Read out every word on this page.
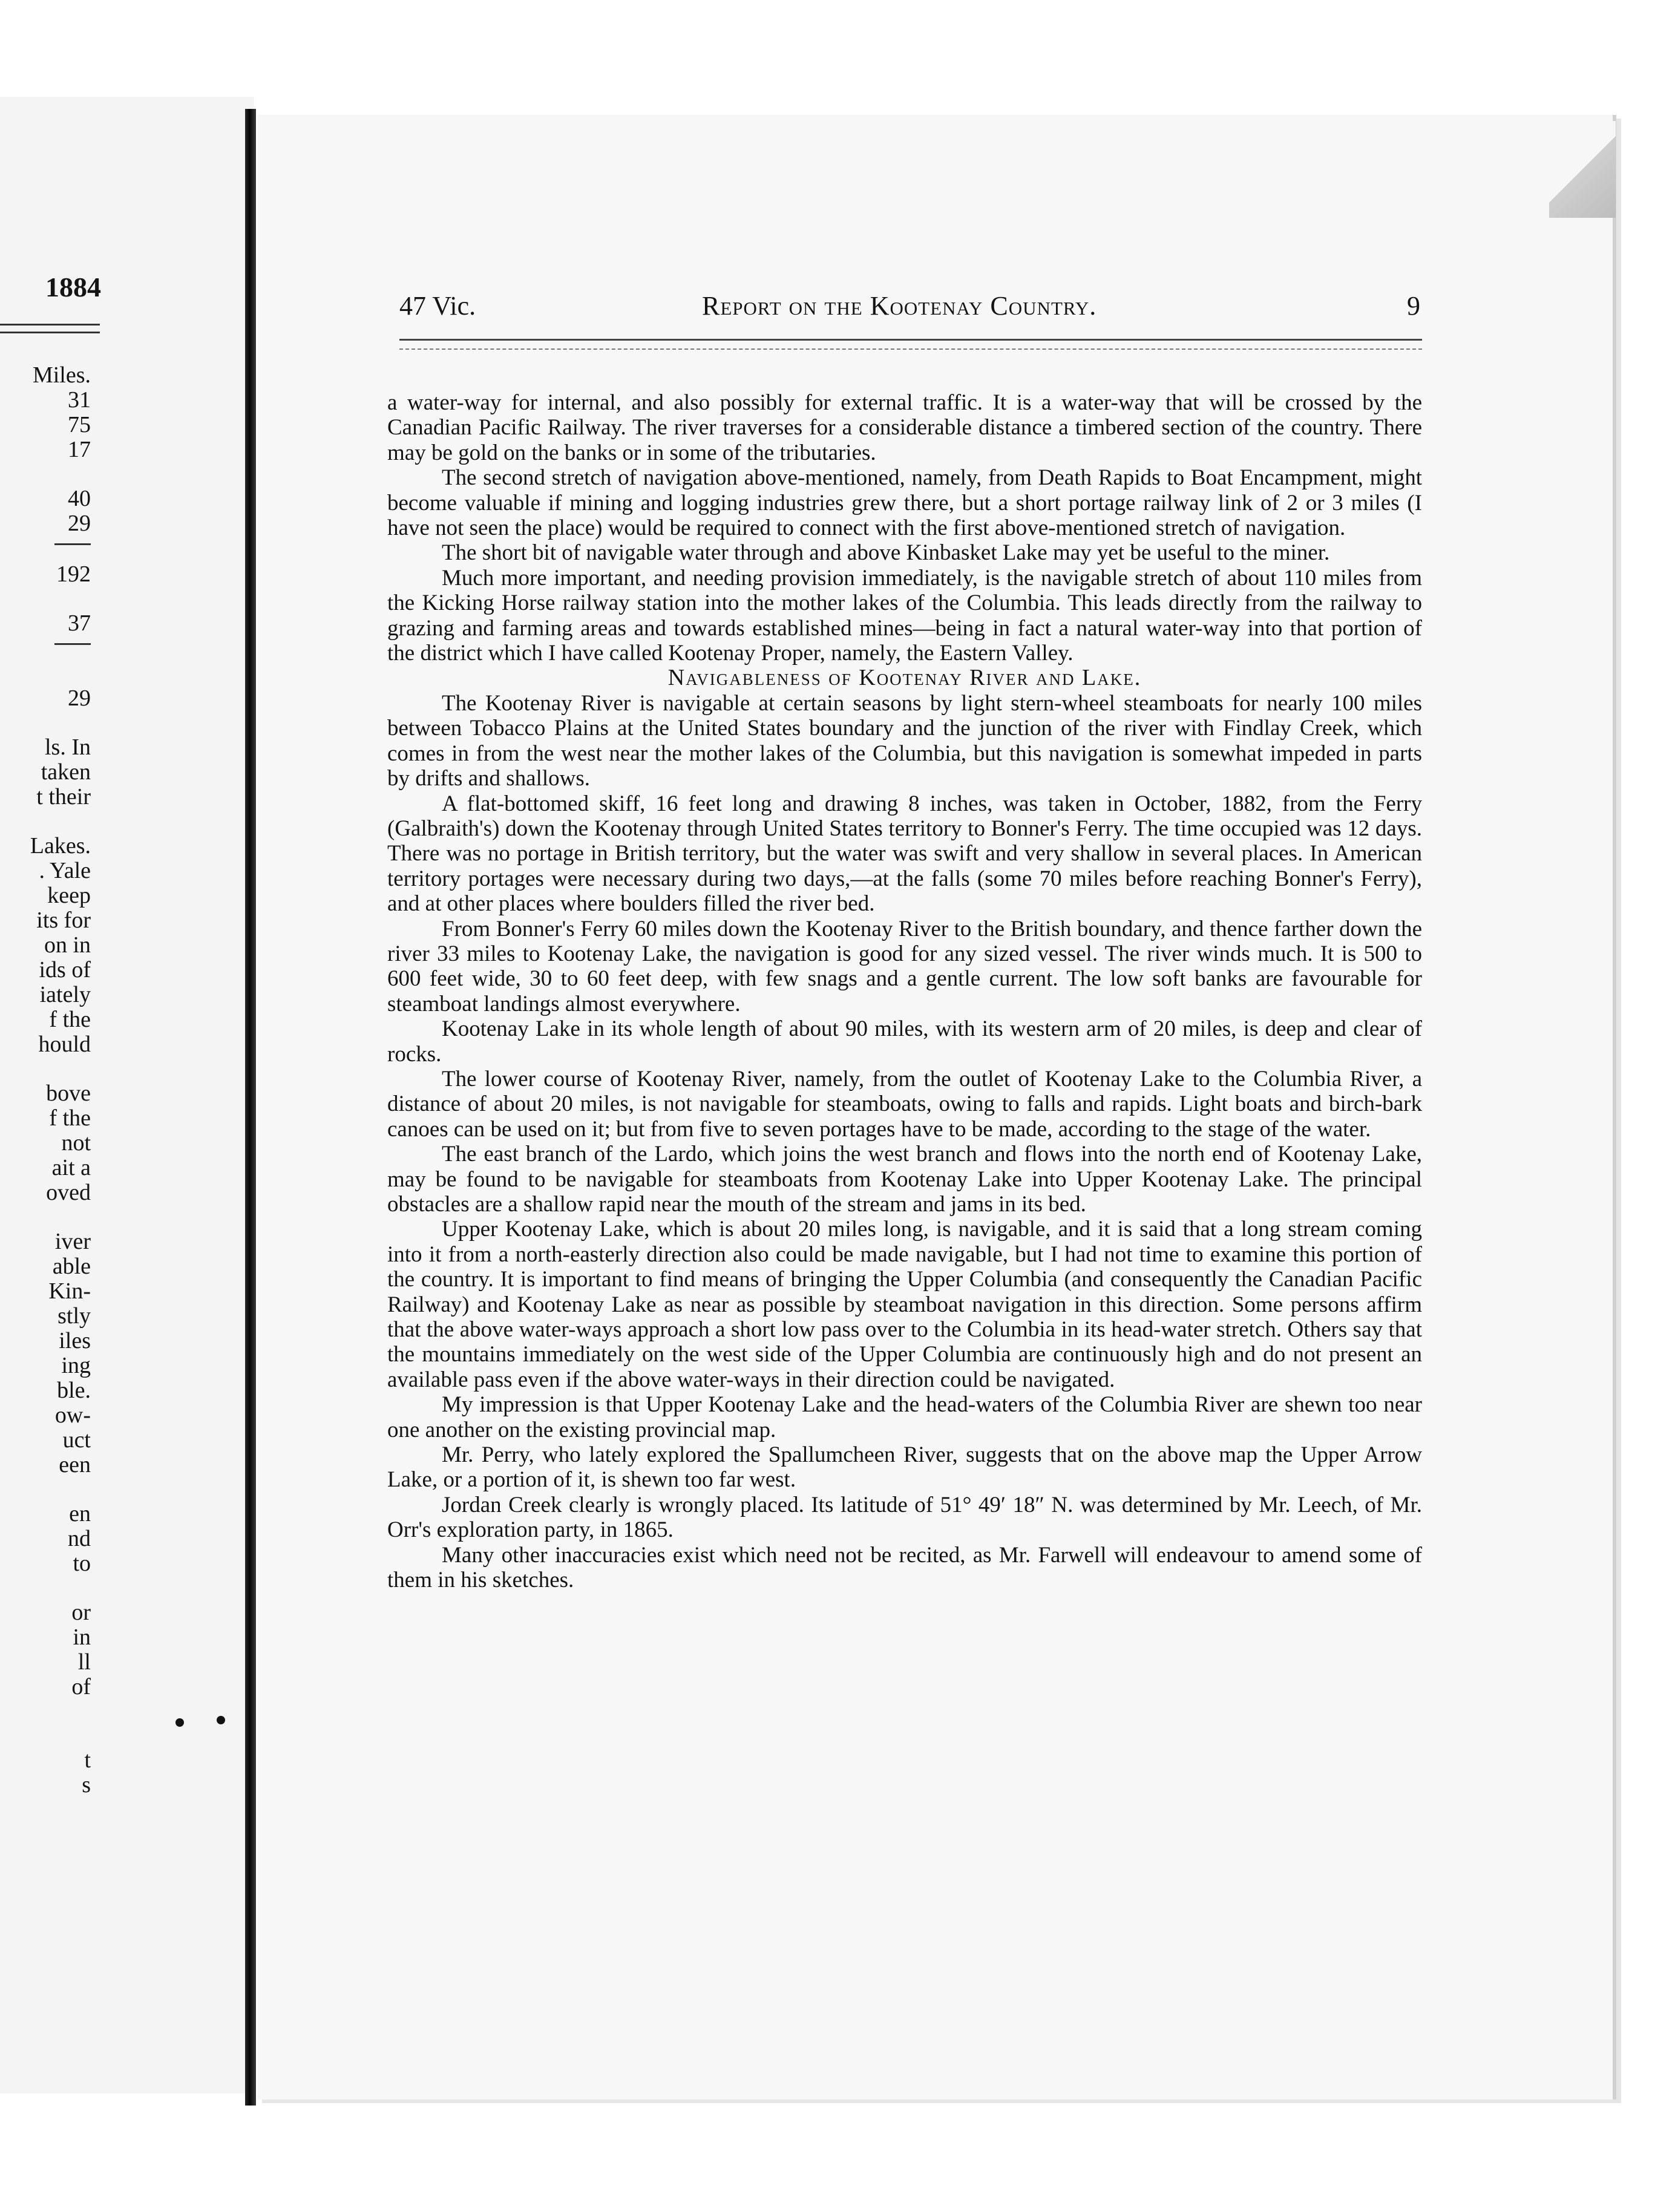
1884
Miles.
31
75
17
40
29
192
37
29
ls. In
taken
t their
Lakes.
. Yale
keep
its for
on in
ids of
iately
f the
hould
bove
f the
not
ait a
oved
iver
able
Kin-
stly
iles
ing
ble.
ow-
uct
een
en
nd
to
or
in
ll
of
t
s
47 Vic.	Report on the Kootenay Country.	9

a water-way for internal, and also possibly for external traffic. It is a water-way that will be crossed by the Canadian Pacific Railway. The river traverses for a considerable distance a timbered section of the country. There may be gold on the banks or in some of the tributaries.

The second stretch of navigation above-mentioned, namely, from Death Rapids to Boat Encampment, might become valuable if mining and logging industries grew there, but a short portage railway link of 2 or 3 miles (I have not seen the place) would be required to connect with the first above-mentioned stretch of navigation.

The short bit of navigable water through and above Kinbasket Lake may yet be useful to the miner.

Much more important, and needing provision immediately, is the navigable stretch of about 110 miles from the Kicking Horse railway station into the mother lakes of the Columbia. This leads directly from the railway to grazing and farming areas and towards established mines—being in fact a natural water-way into that portion of the district which I have called Kootenay Proper, namely, the Eastern Valley.

Navigableness of Kootenay River and Lake.

The Kootenay River is navigable at certain seasons by light stern-wheel steamboats for nearly 100 miles between Tobacco Plains at the United States boundary and the junction of the river with Findlay Creek, which comes in from the west near the mother lakes of the Columbia, but this navigation is somewhat impeded in parts by drifts and shallows.

A flat-bottomed skiff, 16 feet long and drawing 8 inches, was taken in October, 1882, from the Ferry (Galbraith's) down the Kootenay through United States territory to Bonner's Ferry. The time occupied was 12 days. There was no portage in British territory, but the water was swift and very shallow in several places. In American territory portages were necessary during two days,—at the falls (some 70 miles before reaching Bonner's Ferry), and at other places where boulders filled the river bed.

From Bonner's Ferry 60 miles down the Kootenay River to the British boundary, and thence farther down the river 33 miles to Kootenay Lake, the navigation is good for any sized vessel. The river winds much. It is 500 to 600 feet wide, 30 to 60 feet deep, with few snags and a gentle current. The low soft banks are favourable for steamboat landings almost everywhere.

Kootenay Lake in its whole length of about 90 miles, with its western arm of 20 miles, is deep and clear of rocks.

The lower course of Kootenay River, namely, from the outlet of Kootenay Lake to the Columbia River, a distance of about 20 miles, is not navigable for steamboats, owing to falls and rapids. Light boats and birch-bark canoes can be used on it; but from five to seven portages have to be made, according to the stage of the water.

The east branch of the Lardo, which joins the west branch and flows into the north end of Kootenay Lake, may be found to be navigable for steamboats from Kootenay Lake into Upper Kootenay Lake. The principal obstacles are a shallow rapid near the mouth of the stream and jams in its bed.

Upper Kootenay Lake, which is about 20 miles long, is navigable, and it is said that a long stream coming into it from a north-easterly direction also could be made navigable, but I had not time to examine this portion of the country. It is important to find means of bringing the Upper Columbia (and consequently the Canadian Pacific Railway) and Kootenay Lake as near as possible by steamboat navigation in this direction. Some persons affirm that the above water-ways approach a short low pass over to the Columbia in its head-water stretch. Others say that the mountains immediately on the west side of the Upper Columbia are continuously high and do not present an available pass even if the above water-ways in their direction could be navigated.

My impression is that Upper Kootenay Lake and the head-waters of the Columbia River are shewn too near one another on the existing provincial map.

Mr. Perry, who lately explored the Spallumcheen River, suggests that on the above map the Upper Arrow Lake, or a portion of it, is shewn too far west.

Jordan Creek clearly is wrongly placed. Its latitude of 51° 49′ 18″ N. was determined by Mr. Leech, of Mr. Orr's exploration party, in 1865.

Many other inaccuracies exist which need not be recited, as Mr. Farwell will endeavour to amend some of them in his sketches.
